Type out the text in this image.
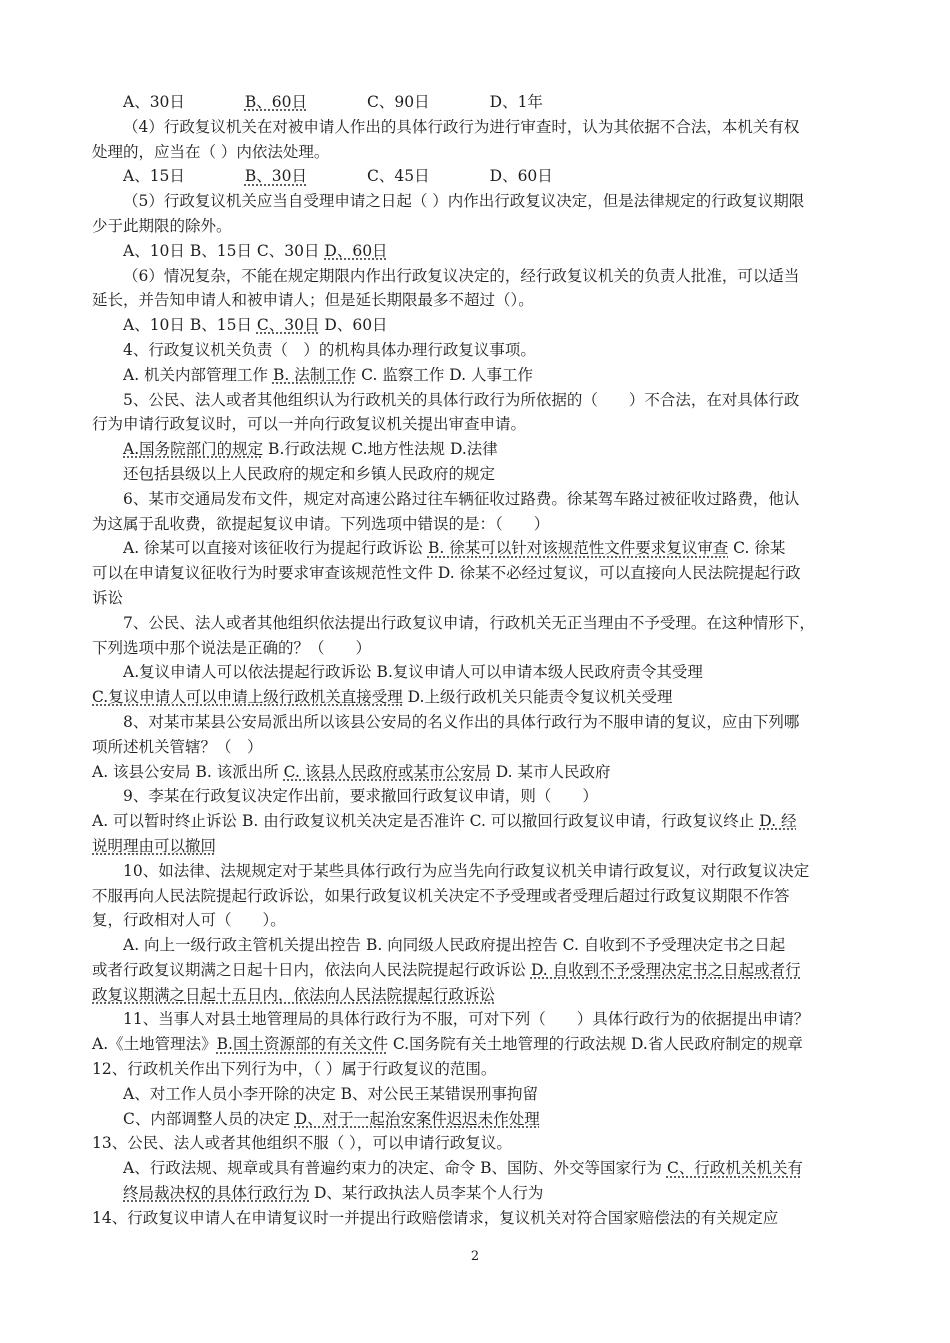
A、30日	B、60日	C、90日	D、1年
（4）行政复议机关在对被申请人作出的具体行政行为进行审查时，认为其依据不合法，本机关有权
处理的，应当在（ ）内依法处理。
A、15日	B、30日	C、45日	D、60日
（5）行政复议机关应当自受理申请之日起（ ）内作出行政复议决定，但是法律规定的行政复议期限
少于此期限的除外。
A、10日 B、15日 C、30日 D、60日
（6）情况复杂，不能在规定期限内作出行政复议决定的，经行政复议机关的负责人批准，可以适当
延长，并告知申请人和被申请人；但是延长期限最多不超过（）。
A、10日 B、15日 C、30日 D、60日
4、行政复议机关负责（　）的机构具体办理行政复议事项。
A. 机关内部管理工作 B. 法制工作 C. 监察工作 D. 人事工作
5、公民、法人或者其他组织认为行政机关的具体行政行为所依据的（　　）不合法，在对具体行政
行为申请行政复议时，可以一并向行政复议机关提出审查申请。
A.国务院部门的规定 B.行政法规 C.地方性法规 D.法律
还包括县级以上人民政府的规定和乡镇人民政府的规定
6、某市交通局发布文件，规定对高速公路过往车辆征收过路费。徐某驾车路过被征收过路费，他认
为这属于乱收费，欲提起复议申请。下列选项中错误的是：（　　）
A. 徐某可以直接对该征收行为提起行政诉讼 B. 徐某可以针对该规范性文件要求复议审查 C. 徐某
可以在申请复议征收行为时要求审查该规范性文件 D. 徐某不必经过复议，可以直接向人民法院提起行政
诉讼
7、公民、法人或者其他组织依法提出行政复议申请，行政机关无正当理由不予受理。在这种情形下，
下列选项中那个说法是正确的？（　　）
A.复议申请人可以依法提起行政诉讼 B.复议申请人可以申请本级人民政府责令其受理
C.复议申请人可以申请上级行政机关直接受理 D.上级行政机关只能责令复议机关受理
8、对某市某县公安局派出所以该县公安局的名义作出的具体行政行为不服申请的复议，应由下列哪
项所述机关管辖？（　）
A. 该县公安局 B. 该派出所 C. 该县人民政府或某市公安局 D. 某市人民政府
9、李某在行政复议决定作出前，要求撤回行政复议申请，则（　　）
A. 可以暂时终止诉讼 B. 由行政复议机关决定是否准许 C. 可以撤回行政复议申请，行政复议终止 D. 经
说明理由可以撤回
10、如法律、法规规定对于某些具体行政行为应当先向行政复议机关申请行政复议，对行政复议决定
不服再向人民法院提起行政诉讼，如果行政复议机关决定不予受理或者受理后超过行政复议期限不作答
复，行政相对人可（　　）。
A. 向上一级行政主管机关提出控告 B. 向同级人民政府提出控告 C. 自收到不予受理决定书之日起
或者行政复议期满之日起十日内，依法向人民法院提起行政诉讼 D. 自收到不予受理决定书之日起或者行
政复议期满之日起十五日内，依法向人民法院提起行政诉讼
11、当事人对县土地管理局的具体行政行为不服，可对下列（　　）具体行政行为的依据提出申请？
A.《土地管理法》B.国土资源部的有关文件 C.国务院有关土地管理的行政法规 D.省人民政府制定的规章
12、行政机关作出下列行为中，（ ）属于行政复议的范围。
A、对工作人员小李开除的决定 B、对公民王某错误刑事拘留
C、内部调整人员的决定 D、对于一起治安案件迟迟未作处理
13、公民、法人或者其他组织不服（ ），可以申请行政复议。
A、行政法规、规章或具有普遍约束力的决定、命令 B、国防、外交等国家行为 C、行政机关机关有
终局裁决权的具体行政行为 D、某行政执法人员李某个人行为
14、行政复议申请人在申请复议时一并提出行政赔偿请求，复议机关对符合国家赔偿法的有关规定应
2
